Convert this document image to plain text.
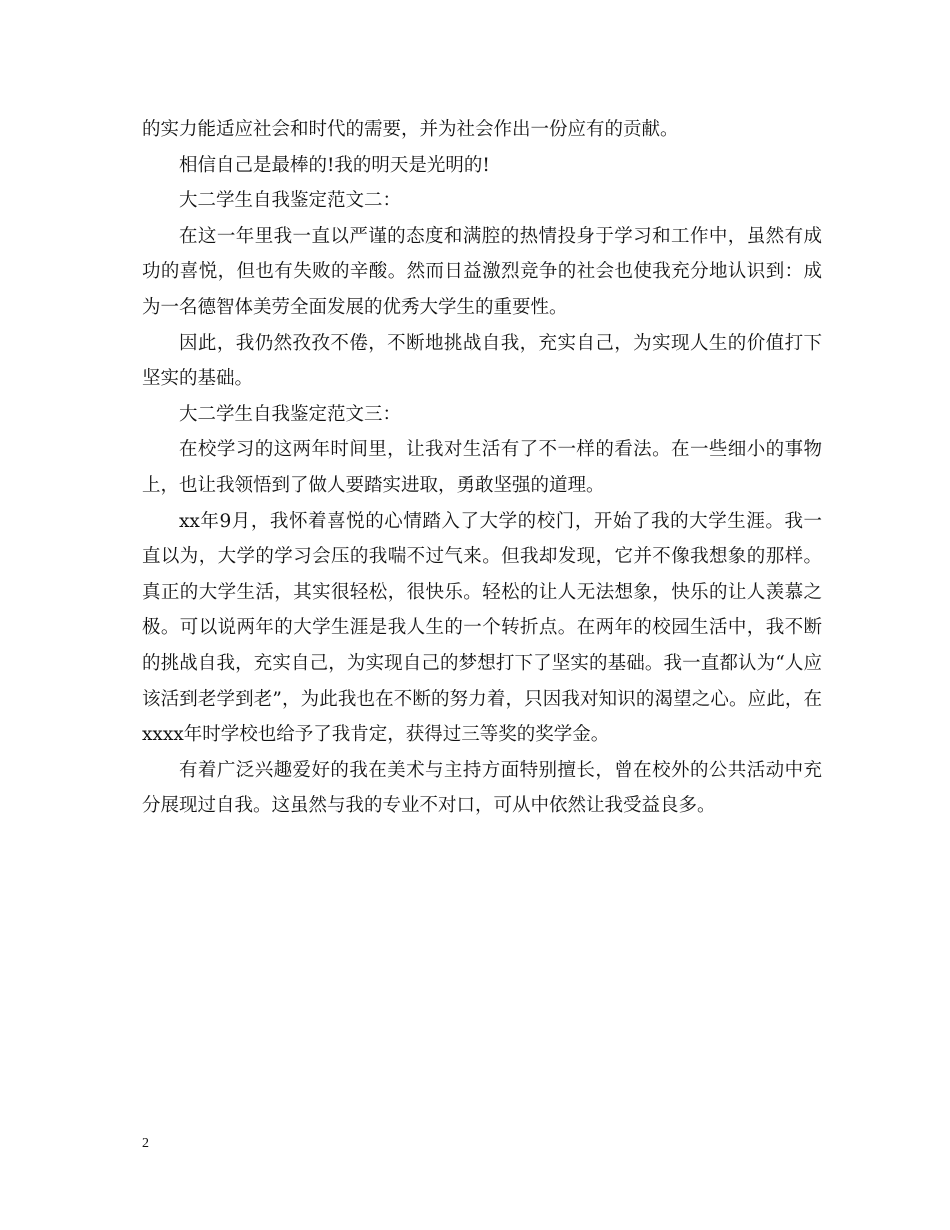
的实力能适应社会和时代的需要，并为社会作出一份应有的贡献。

相信自己是最棒的!我的明天是光明的!

大二学生自我鉴定范文二：

在这一年里我一直以严谨的态度和满腔的热情投身于学习和工作中，虽然有成功的喜悦，但也有失败的辛酸。然而日益激烈竞争的社会也使我充分地认识到：成为一名德智体美劳全面发展的优秀大学生的重要性。

因此，我仍然孜孜不倦，不断地挑战自我，充实自己，为实现人生的价值打下坚实的基础。

大二学生自我鉴定范文三：

在校学习的这两年时间里，让我对生活有了不一样的看法。在一些细小的事物上，也让我领悟到了做人要踏实进取，勇敢坚强的道理。

xx年9月，我怀着喜悦的心情踏入了大学的校门，开始了我的大学生涯。我一直以为，大学的学习会压的我喘不过气来。但我却发现，它并不像我想象的那样。真正的大学生活，其实很轻松，很快乐。轻松的让人无法想象，快乐的让人羡慕之极。可以说两年的大学生涯是我人生的一个转折点。在两年的校园生活中，我不断的挑战自我，充实自己，为实现自己的梦想打下了坚实的基础。我一直都认为“人应该活到老学到老”，为此我也在不断的努力着，只因我对知识的渴望之心。应此，在xxxx年时学校也给予了我肯定，获得过三等奖的奖学金。

有着广泛兴趣爱好的我在美术与主持方面特别擅长，曾在校外的公共活动中充分展现过自我。这虽然与我的专业不对口，可从中依然让我受益良多。

2
